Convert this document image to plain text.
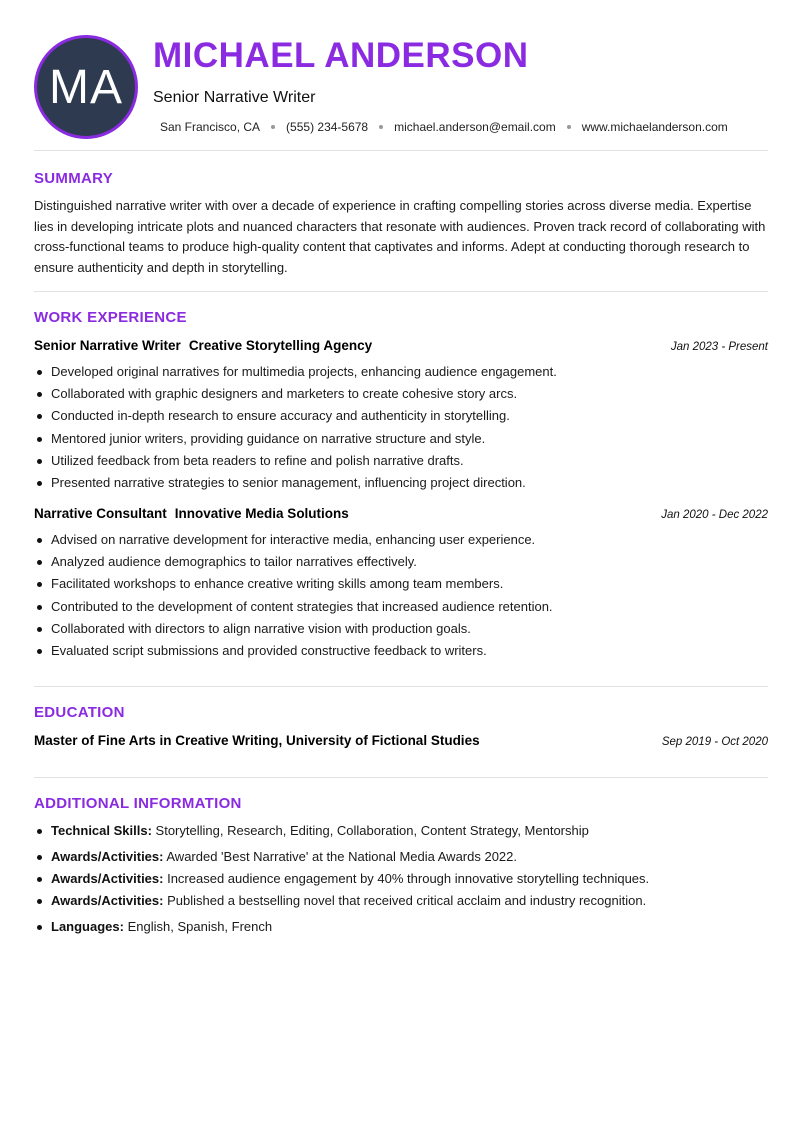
MA
MICHAEL ANDERSON
Senior Narrative Writer
San Francisco, CA (555) 234-5678 michael.anderson@email.com www.michaelanderson.com
SUMMARY

Distinguished narrative writer with over a decade of experience in crafting compelling stories across diverse media. Expertise lies in developing intricate plots and nuanced characters that resonate with audiences. Proven track record of collaborating with cross-functional teams to produce high-quality content that captivates and informs. Adept at conducting thorough research to ensure authenticity and depth in storytelling.

WORK EXPERIENCE
Senior Narrative Writer Creative Storytelling Agency	Jan 2023 - Present
Developed original narratives for multimedia projects, enhancing audience engagement.
Collaborated with graphic designers and marketers to create cohesive story arcs.
Conducted in-depth research to ensure accuracy and authenticity in storytelling.
Mentored junior writers, providing guidance on narrative structure and style.
Utilized feedback from beta readers to refine and polish narrative drafts.
Presented narrative strategies to senior management, influencing project direction.
Narrative Consultant Innovative Media Solutions	Jan 2020 - Dec 2022
Advised on narrative development for interactive media, enhancing user experience.
Analyzed audience demographics to tailor narratives effectively.
Facilitated workshops to enhance creative writing skills among team members.
Contributed to the development of content strategies that increased audience retention.
Collaborated with directors to align narrative vision with production goals.
Evaluated script submissions and provided constructive feedback to writers.
EDUCATION
Master of Fine Arts in Creative Writing, University of Fictional Studies	Sep 2019 - Oct 2020
ADDITIONAL INFORMATION
Technical Skills: Storytelling, Research, Editing, Collaboration, Content Strategy, Mentorship
Awards/Activities: Awarded 'Best Narrative' at the National Media Awards 2022.
Awards/Activities: Increased audience engagement by 40% through innovative storytelling techniques.
Awards/Activities: Published a bestselling novel that received critical acclaim and industry recognition.
Languages: English, Spanish, French
